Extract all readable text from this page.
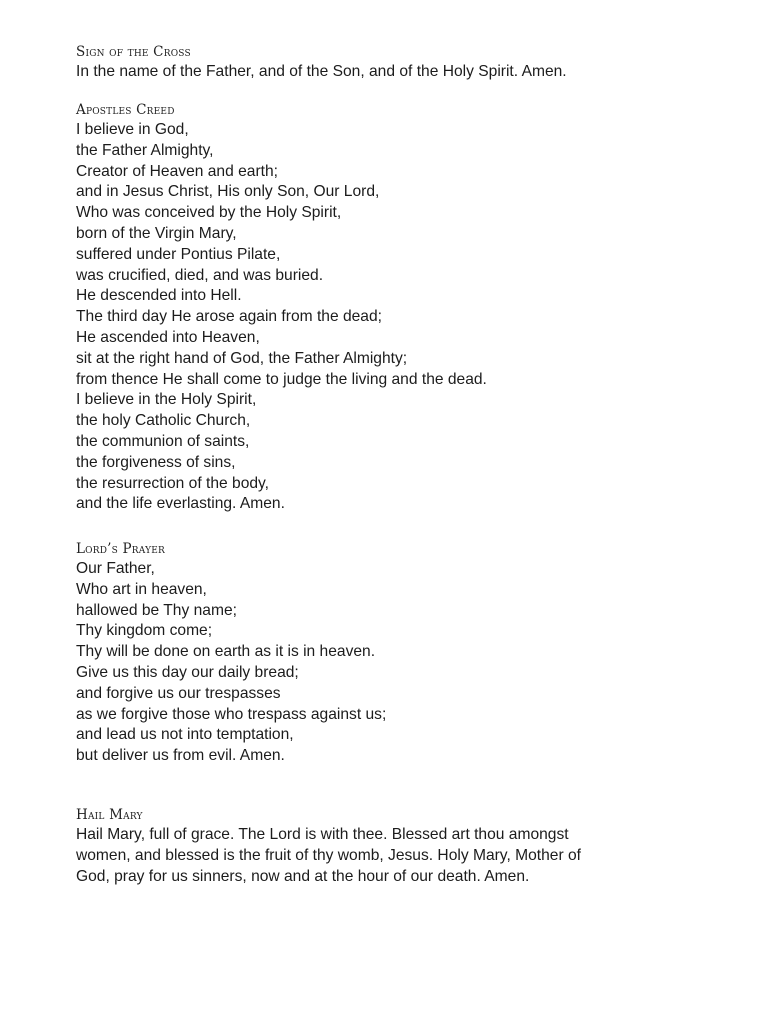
Sign of the Cross
In the name of the Father, and of the Son, and of the Holy Spirit. Amen.
Apostles Creed
I believe in God,
the Father Almighty,
Creator of Heaven and earth;
and in Jesus Christ, His only Son, Our Lord,
Who was conceived by the Holy Spirit,
born of the Virgin Mary,
suffered under Pontius Pilate,
was crucified, died, and was buried.
He descended into Hell.
The third day He arose again from the dead;
He ascended into Heaven,
sit at the right hand of God, the Father Almighty;
from thence He shall come to judge the living and the dead.
I believe in the Holy Spirit,
the holy Catholic Church,
the communion of saints,
the forgiveness of sins,
the resurrection of the body,
and the life everlasting. Amen.
Lord’s Prayer
Our Father,
Who art in heaven,
hallowed be Thy name;
Thy kingdom come;
Thy will be done on earth as it is in heaven.
Give us this day our daily bread;
and forgive us our trespasses
as we forgive those who trespass against us;
and lead us not into temptation,
but deliver us from evil. Amen.
Hail Mary
Hail Mary, full of grace. The Lord is with thee. Blessed art thou amongst
women, and blessed is the fruit of thy womb, Jesus. Holy Mary, Mother of
God, pray for us sinners, now and at the hour of our death. Amen.
